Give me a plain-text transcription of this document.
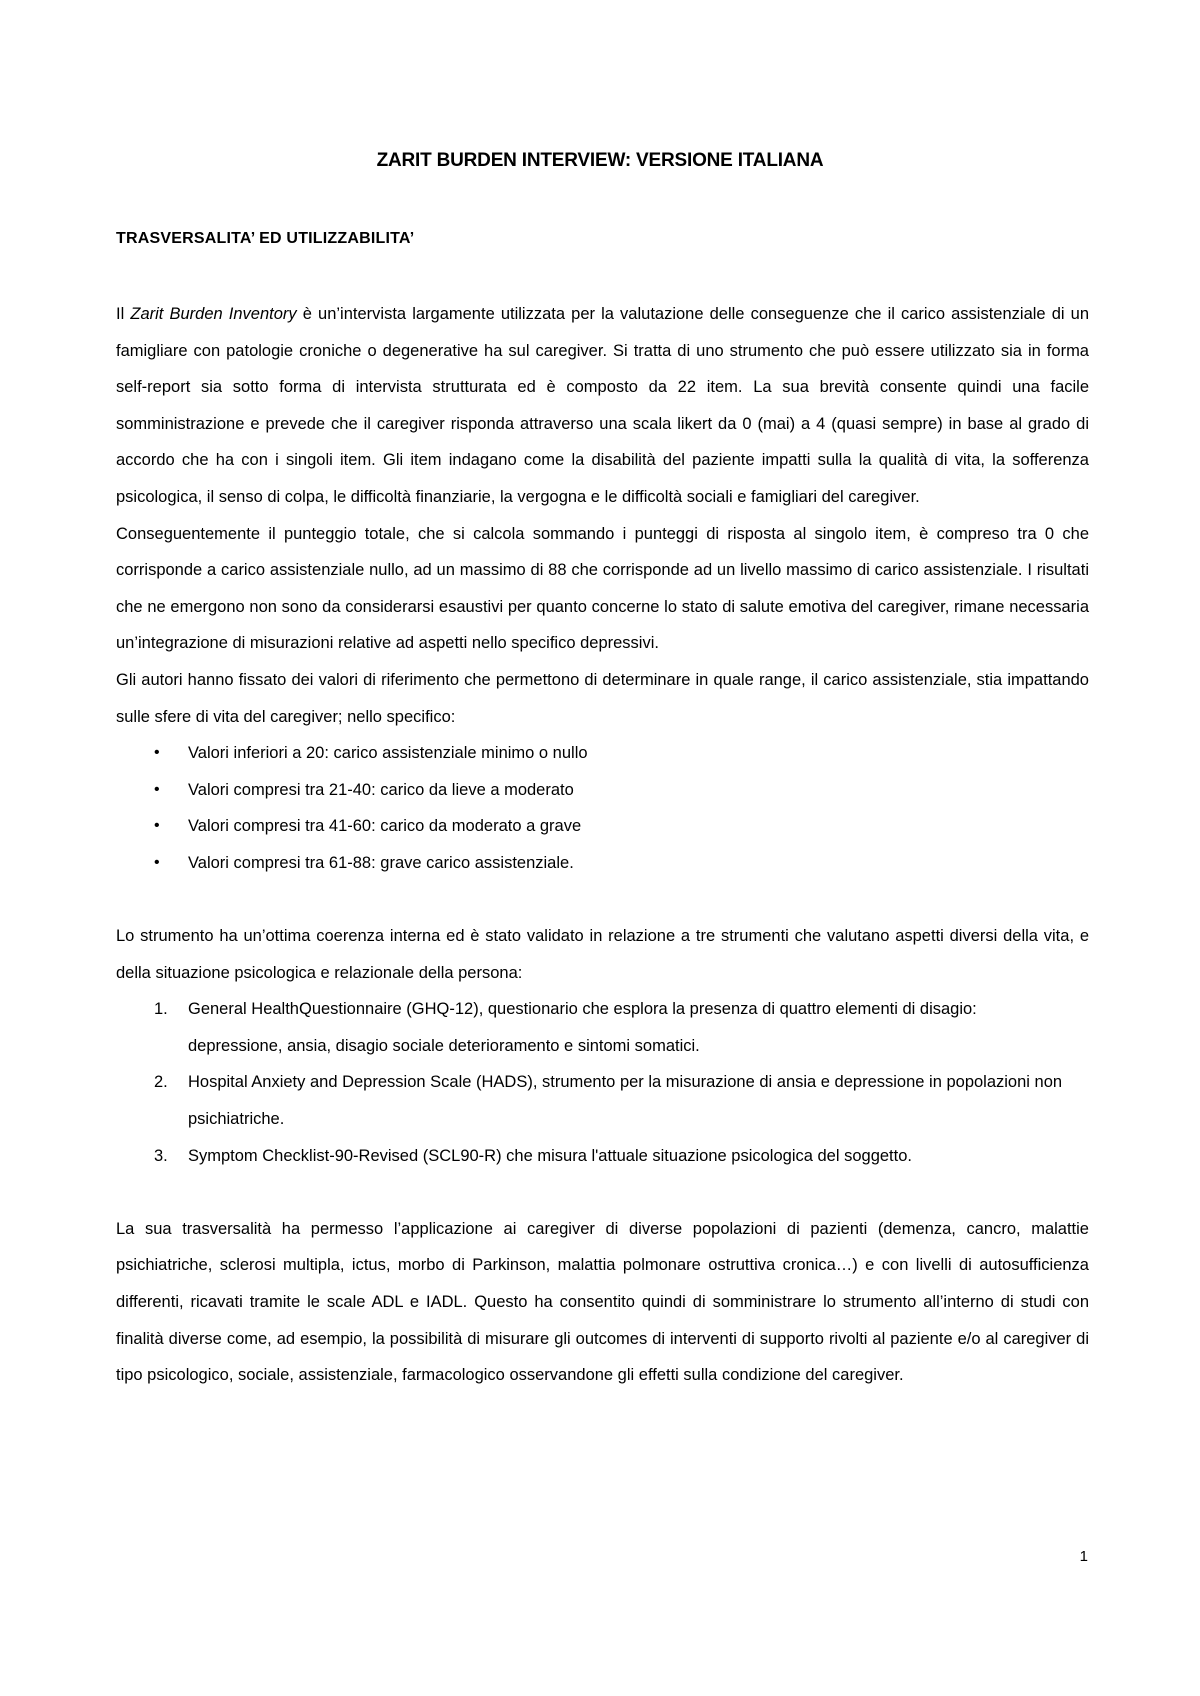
ZARIT BURDEN INTERVIEW: VERSIONE ITALIANA
TRASVERSALITA’ ED UTILIZZABILITA’

Il Zarit Burden Inventory è un’intervista largamente utilizzata per la valutazione delle conseguenze che il carico assistenziale di un famigliare con patologie croniche o degenerative ha sul caregiver. Si tratta di uno strumento che può essere utilizzato sia in forma self-report sia sotto forma di intervista strutturata ed è composto da 22 item. La sua brevità consente quindi una facile somministrazione e prevede che il caregiver risponda attraverso una scala likert da 0 (mai) a 4 (quasi sempre) in base al grado di accordo che ha con i singoli item. Gli item indagano come la disabilità del paziente impatti sulla la qualità di vita, la sofferenza psicologica, il senso di colpa, le difficoltà finanziarie, la vergogna e le difficoltà sociali e famigliari del caregiver.

Conseguentemente il punteggio totale, che si calcola sommando i punteggi di risposta al singolo item, è compreso tra 0 che corrisponde a carico assistenziale nullo, ad un massimo di 88 che corrisponde ad un livello massimo di carico assistenziale. I risultati che ne emergono non sono da considerarsi esaustivi per quanto concerne lo stato di salute emotiva del caregiver, rimane necessaria un’integrazione di misurazioni relative ad aspetti nello specifico depressivi.

Gli autori hanno fissato dei valori di riferimento che permettono di determinare in quale range, il carico assistenziale, stia impattando sulle sfere di vita del caregiver; nello specifico:

• Valori inferiori a 20: carico assistenziale minimo o nullo
• Valori compresi tra 21-40: carico da lieve a moderato
• Valori compresi tra 41-60: carico da moderato a grave
• Valori compresi tra 61-88: grave carico assistenziale.

Lo strumento ha un’ottima coerenza interna ed è stato validato in relazione a tre strumenti che valutano aspetti diversi della vita, e della situazione psicologica e relazionale della persona:

1. General HealthQuestionnaire (GHQ-12), questionario che esplora la presenza di quattro elementi di disagio: depressione, ansia, disagio sociale deterioramento e sintomi somatici.
2. Hospital Anxiety and Depression Scale (HADS), strumento per la misurazione di ansia e depressione in popolazioni non psichiatriche.
3. Symptom Checklist-90-Revised (SCL90-R) che misura l'attuale situazione psicologica del soggetto.

La sua trasversalità ha permesso l’applicazione ai caregiver di diverse popolazioni di pazienti (demenza, cancro, malattie psichiatriche, sclerosi multipla, ictus, morbo di Parkinson, malattia polmonare ostruttiva cronica…) e con livelli di autosufficienza differenti, ricavati tramite le scale ADL e IADL. Questo ha consentito quindi di somministrare lo strumento all’interno di studi con finalità diverse come, ad esempio, la possibilità di misurare gli outcomes di interventi di supporto rivolti al paziente e/o al caregiver di tipo psicologico, sociale, assistenziale, farmacologico osservandone gli effetti sulla condizione del caregiver.

1
